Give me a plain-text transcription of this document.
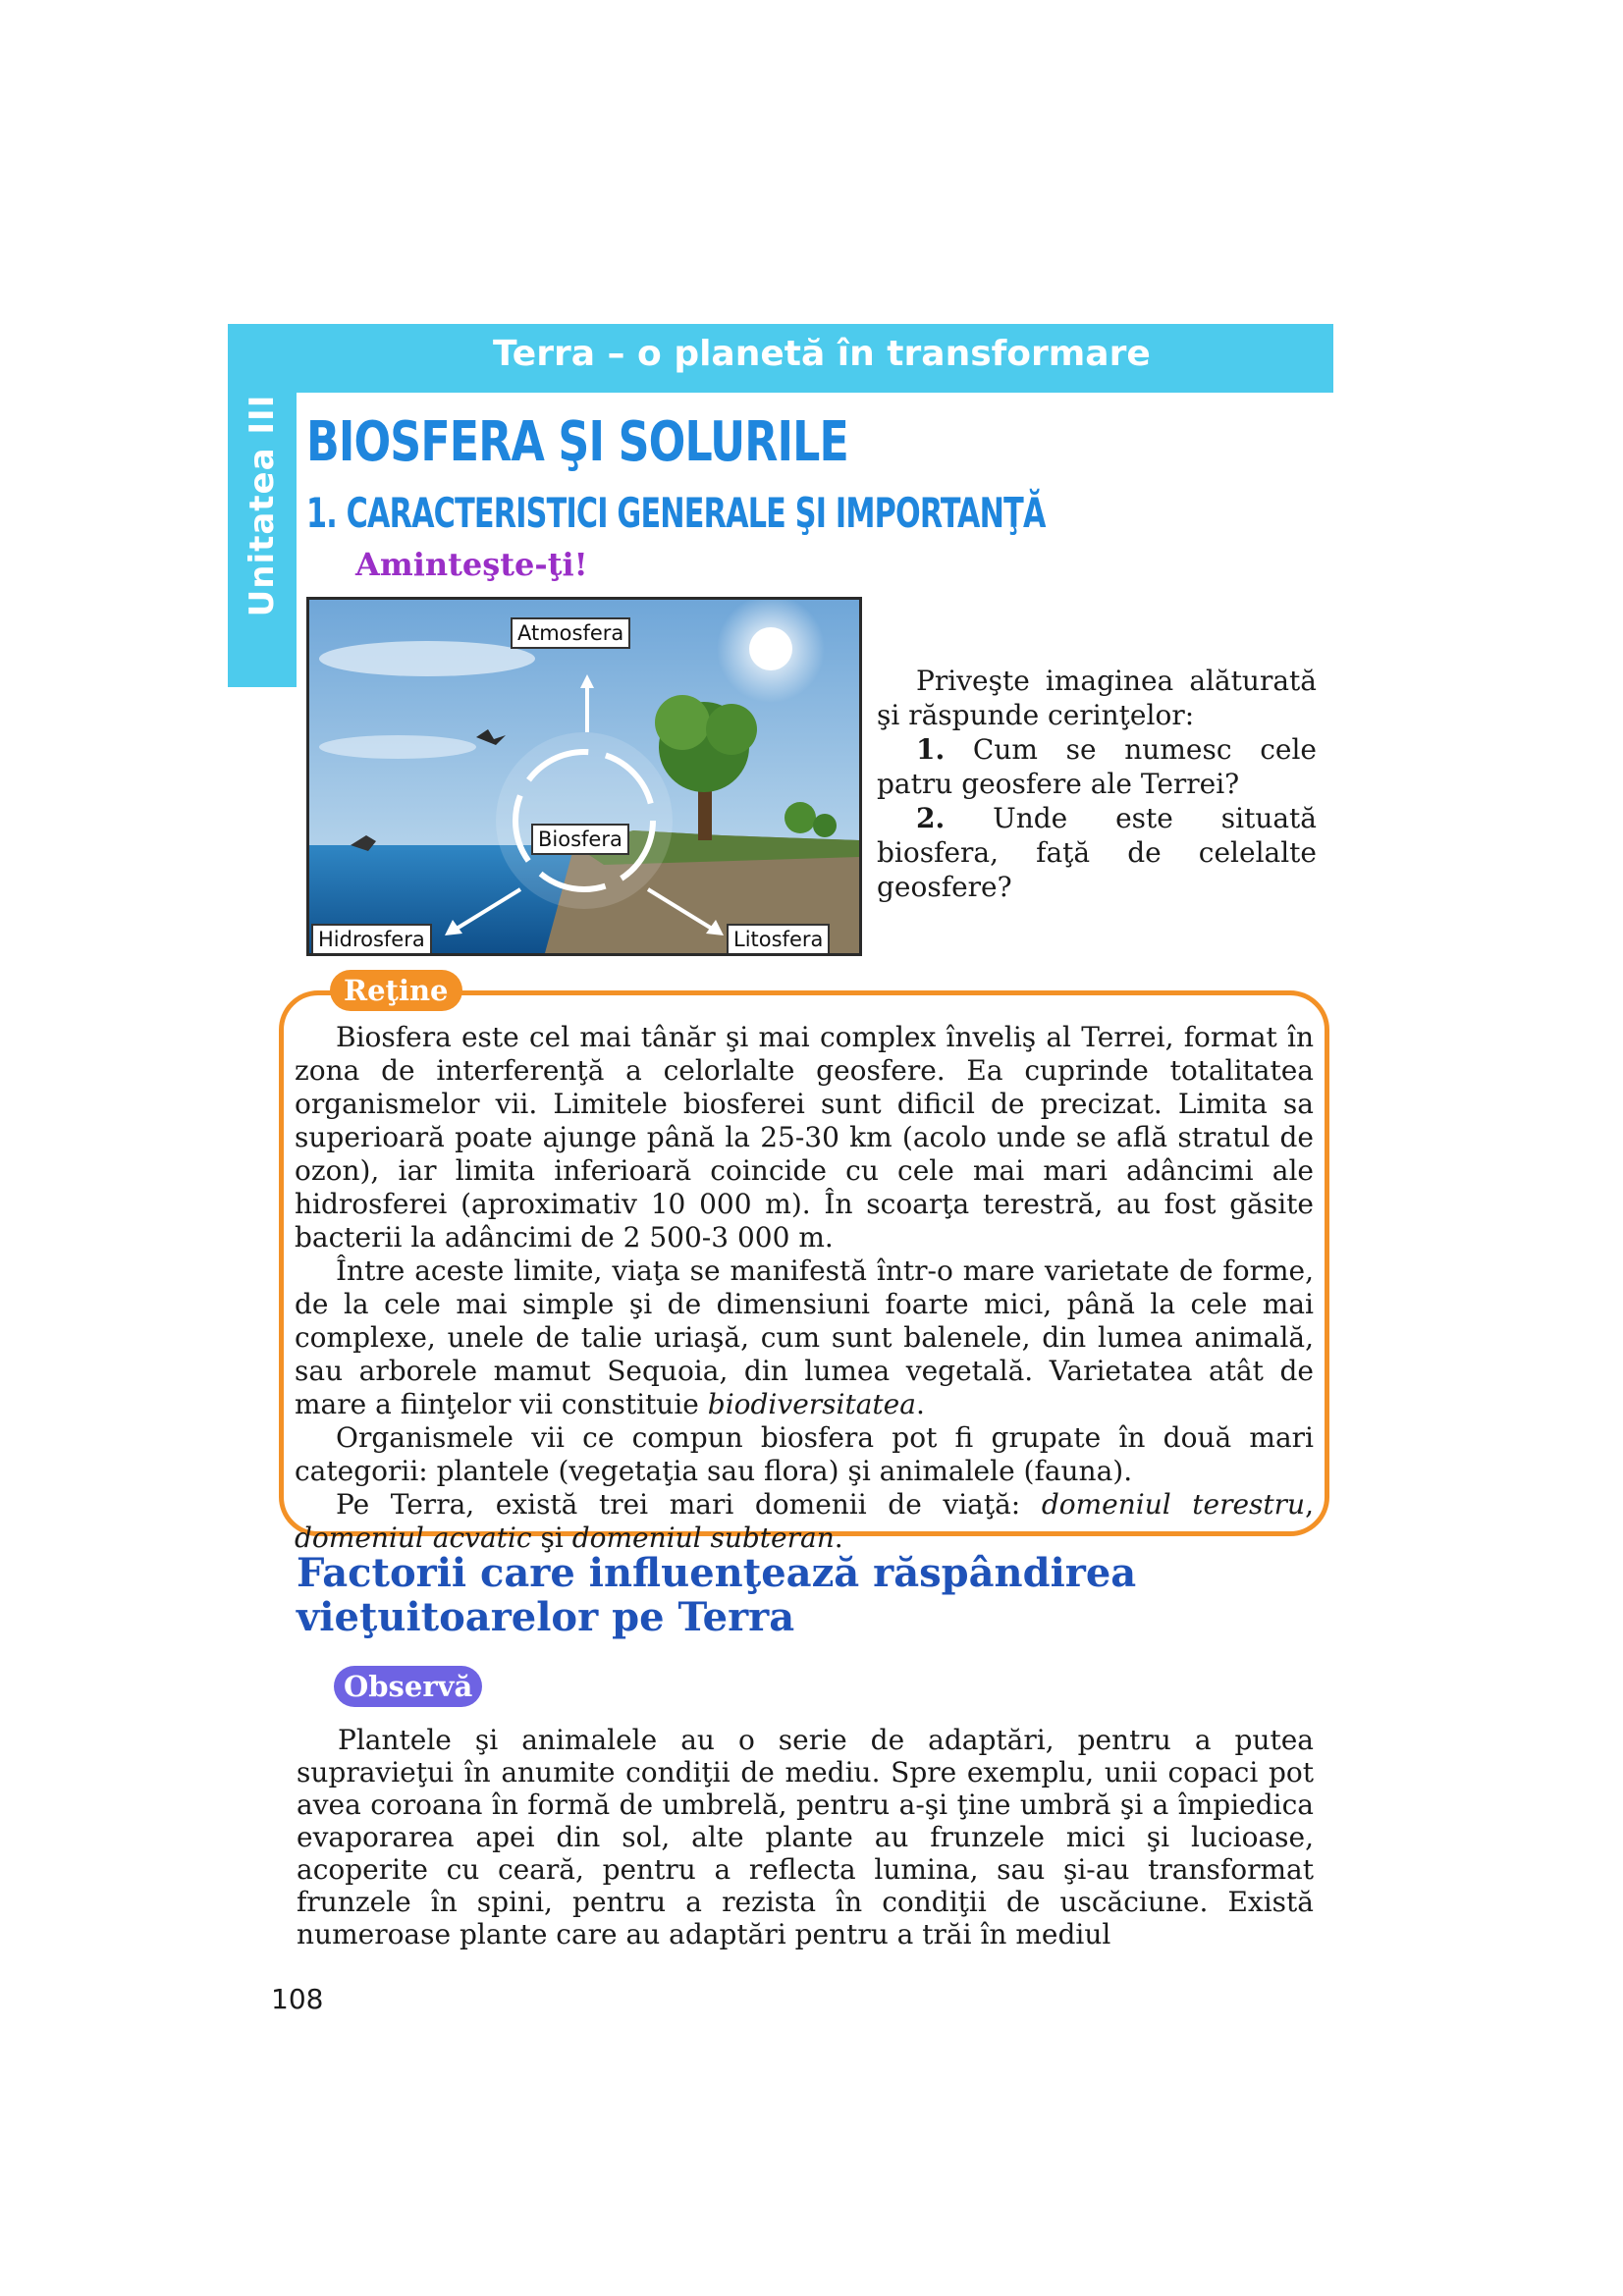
Unitatea III
Terra – o planetă în transformare
BIOSFERA ŞI SOLURILE
1. CARACTERISTICI GENERALE ŞI IMPORTANŢĂ
Aminteşte-ţi!
Atmosfera
Biosfera
Hidrosfera	Litosfera

Priveşte imaginea alăturată şi răspunde cerinţelor:

1. Cum se numesc cele patru geosfere ale Terrei?

2. Unde este situată biosfera, faţă de celelalte geosfere?

Reţine

Biosfera este cel mai tânăr şi mai complex înveliş al Terrei, format în zona de interferenţă a celorlalte geosfere. Ea cuprinde totalitatea organismelor vii. Limitele biosferei sunt dificil de precizat. Limita sa superioară poate ajunge până la 25-30 km (acolo unde se află stratul de ozon), iar limita inferioară coincide cu cele mai mari adâncimi ale hidrosferei (aproximativ 10 000 m). În scoarţa terestră, au fost găsite bacterii la adâncimi de 2 500-3 000 m.

Între aceste limite, viaţa se manifestă într-o mare varietate de forme, de la cele mai simple şi de dimensiuni foarte mici, până la cele mai complexe, unele de talie uriaşă, cum sunt balenele, din lumea animală, sau arborele mamut Sequoia, din lumea vegetală. Varietatea atât de mare a fiinţelor vii constituie biodiversitatea.

Organismele vii ce compun biosfera pot fi grupate în două mari categorii: plantele (vegetaţia sau flora) şi animalele (fauna).

Pe Terra, există trei mari domenii de viaţă: domeniul terestru, domeniul acvatic şi domeniul subteran.

Factorii care influenţează răspândirea vieţuitoarelor pe Terra
Observă

Plantele şi animalele au o serie de adaptări, pentru a putea supravieţui în anumite condiţii de mediu. Spre exemplu, unii copaci pot avea coroana în formă de umbrelă, pentru a-şi ţine umbră şi a împiedica evaporarea apei din sol, alte plante au frunzele mici şi lucioase, acoperite cu ceară, pentru a reflecta lumina, sau şi-au transformat frunzele în spini, pentru a rezista în condiţii de uscăciune. Există numeroase plante care au adaptări pentru a trăi în mediul

108
